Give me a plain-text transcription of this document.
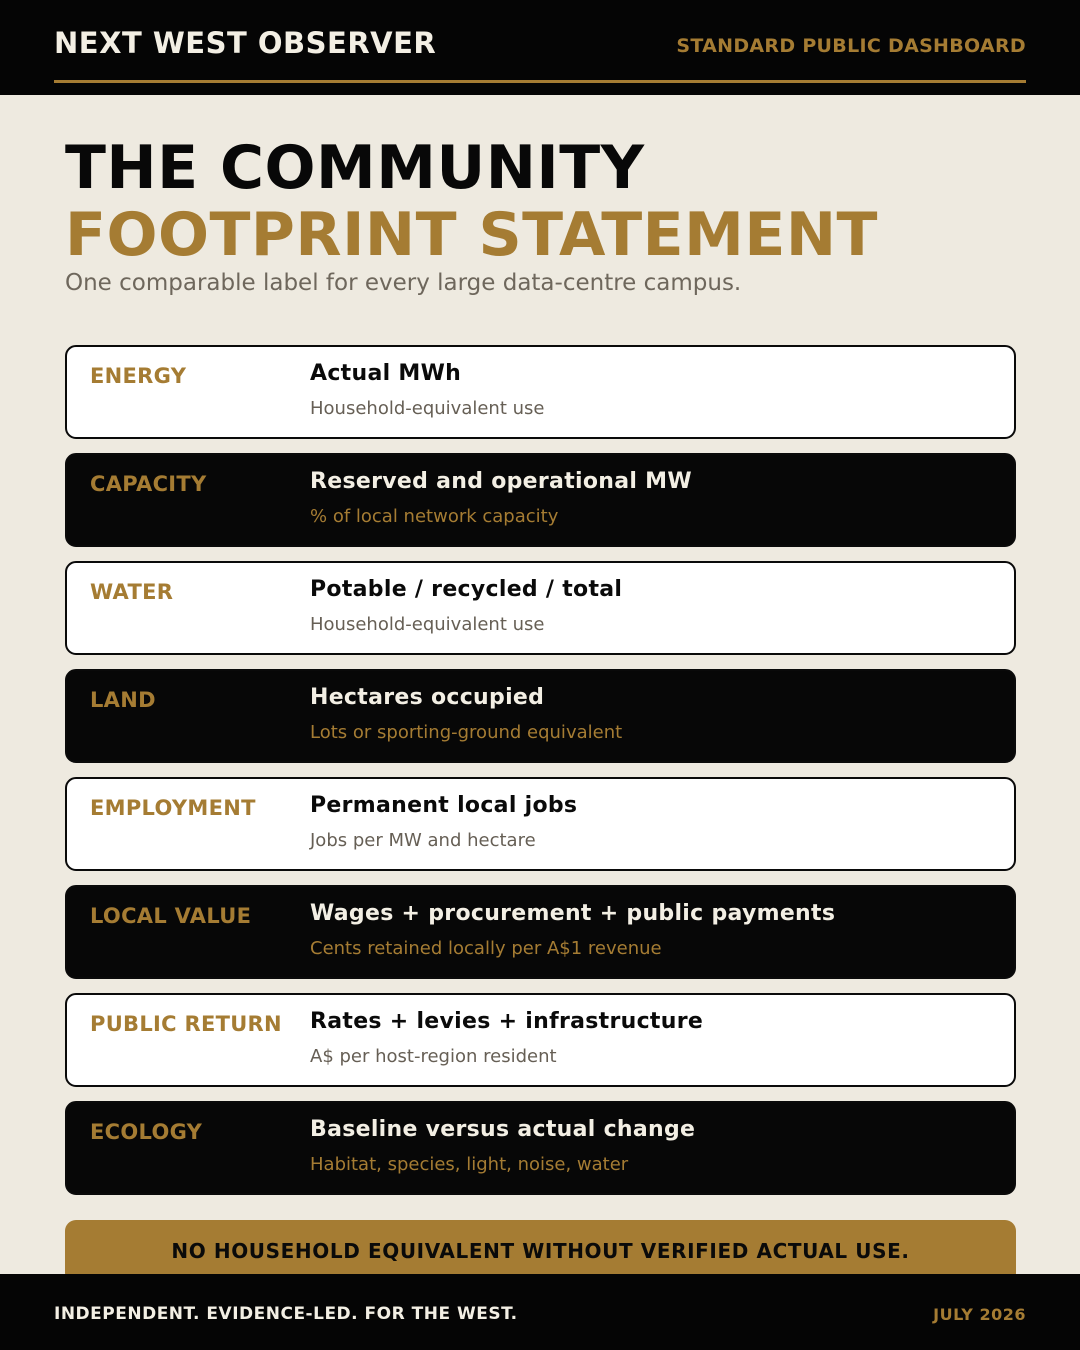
NEXT WEST OBSERVER	STANDARD PUBLIC DASHBOARD
THE COMMUNITY
FOOTPRINT STATEMENT
One comparable label for every large data-centre campus.
ENERGY	Actual MWh
Household-equivalent use
CAPACITY	Reserved and operational MW
% of local network capacity
WATER	Potable / recycled / total
Household-equivalent use
LAND	Hectares occupied
Lots or sporting-ground equivalent
EMPLOYMENT Permanent local jobs
Jobs per MW and hectare
LOCAL VALUE	Wages + procurement + public payments
Cents retained locally per A$1 revenue
PUBLIC RETURN Rates + levies + infrastructure
A$ per host-region resident
ECOLOGY	Baseline versus actual change
Habitat, species, light, noise, water
NO HOUSEHOLD EQUIVALENT WITHOUT VERIFIED ACTUAL USE.
INDEPENDENT. EVIDENCE-LED. FOR THE WEST.	JULY 2026
